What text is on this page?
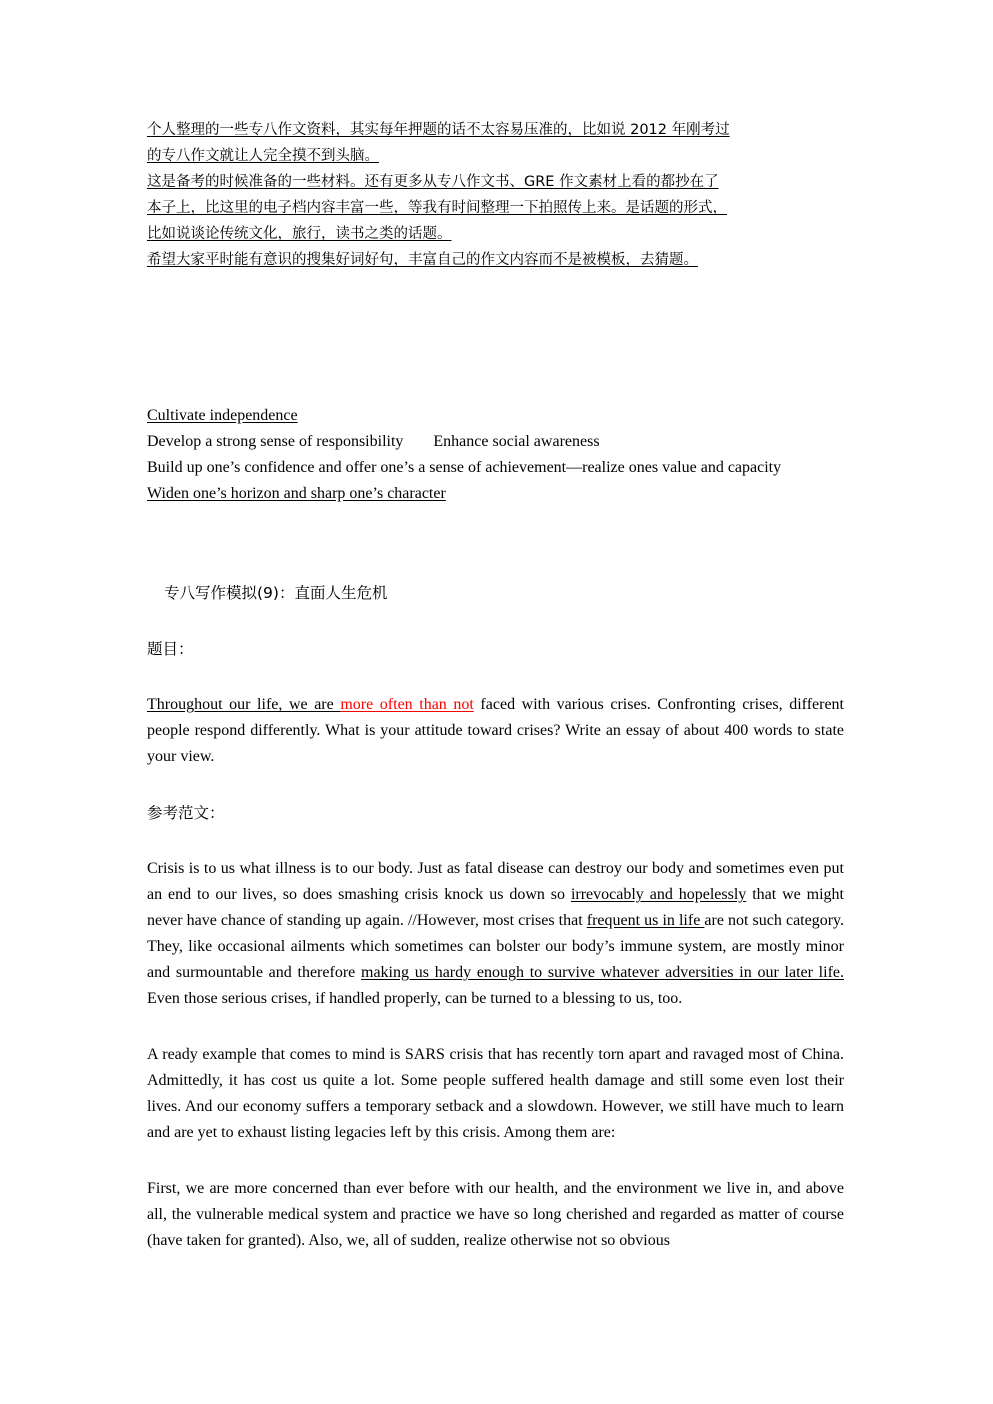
个人整理的一些专八作文资料，其实每年押题的话不太容易压准的，比如说 2012 年刚考过
的专八作文就让人完全摸不到头脑。
这是备考的时候准备的一些材料。还有更多从专八作文书、GRE 作文素材上看的都抄在了
本子上，比这里的电子档内容丰富一些，等我有时间整理一下拍照传上来。是话题的形式，
比如说谈论传统文化，旅行，读书之类的话题。
希望大家平时能有意识的搜集好词好句，丰富自己的作文内容而不是被模板，去猜题。
Cultivate independence
Develop a strong sense of responsibility Enhance social awareness
Build up one’s confidence and offer one’s a sense of achievement—realize ones value and capacity
Widen one’s horizon and sharp one’s character
专八写作模拟(9)：直面人生危机
题目：
Throughout our life, we are more often than not faced with various crises. Confronting crises, different people respond differently. What is your attitude toward crises? Write an essay of about 400 words to state your view.
参考范文：
Crisis is to us what illness is to our body. Just as fatal disease can destroy our body and sometimes even put an end to our lives, so does smashing crisis knock us down so irrevocably and hopelessly that we might never have chance of standing up again. //However, most crises that frequent us in life are not such category. They, like occasional ailments which sometimes can bolster our body’s immune system, are mostly minor and surmountable and therefore making us hardy enough to survive whatever adversities in our later life. Even those serious crises, if handled properly, can be turned to a blessing to us, too.
A ready example that comes to mind is SARS crisis that has recently torn apart and ravaged most of China. Admittedly, it has cost us quite a lot. Some people suffered health damage and still some even lost their lives. And our economy suffers a temporary setback and a slowdown. However, we still have much to learn and are yet to exhaust listing legacies left by this crisis. Among them are:
First, we are more concerned than ever before with our health, and the environment we live in, and above all, the vulnerable medical system and practice we have so long cherished and regarded as matter of course (have taken for granted). Also, we, all of sudden, realize otherwise not so obvious
